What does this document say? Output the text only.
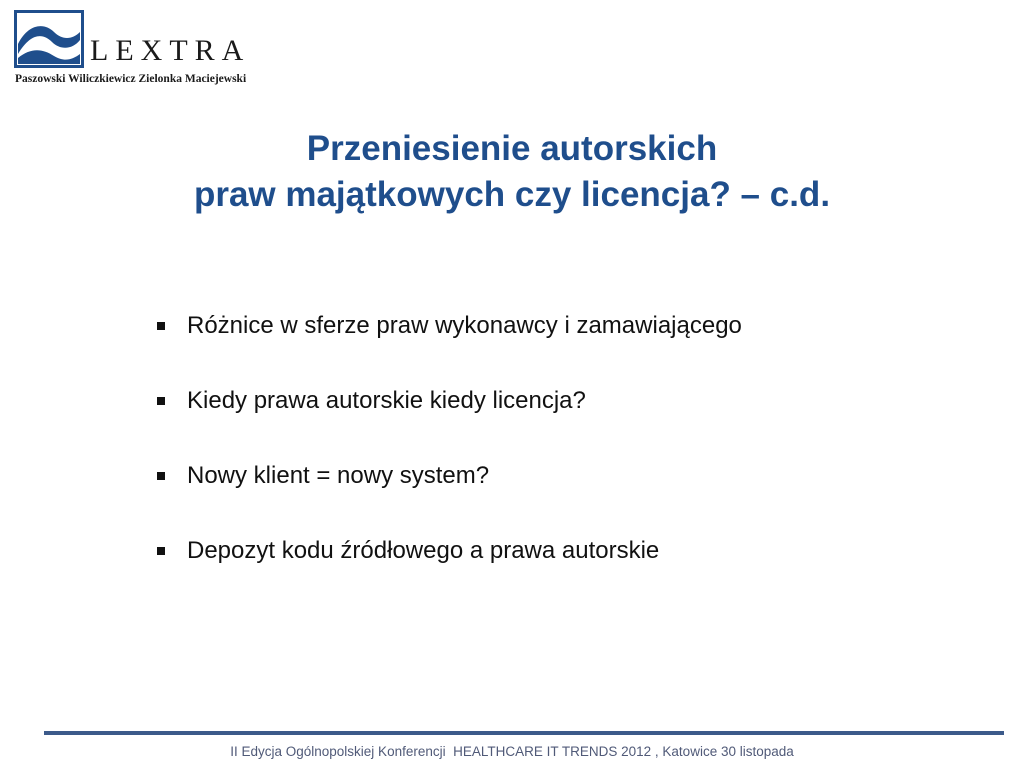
LEXTRA
Paszowski Wiliczkiewicz Zielonka Maciejewski
Przeniesienie autorskich
praw majątkowych czy licencja? – c.d.
Różnice w sferze praw wykonawcy i zamawiającego
Kiedy prawa autorskie kiedy licencja?
Nowy klient = nowy system?
Depozyt kodu źródłowego a prawa autorskie
II Edycja Ogólnopolskiej Konferencji  HEALTHCARE IT TRENDS 2012 , Katowice 30 listopada
